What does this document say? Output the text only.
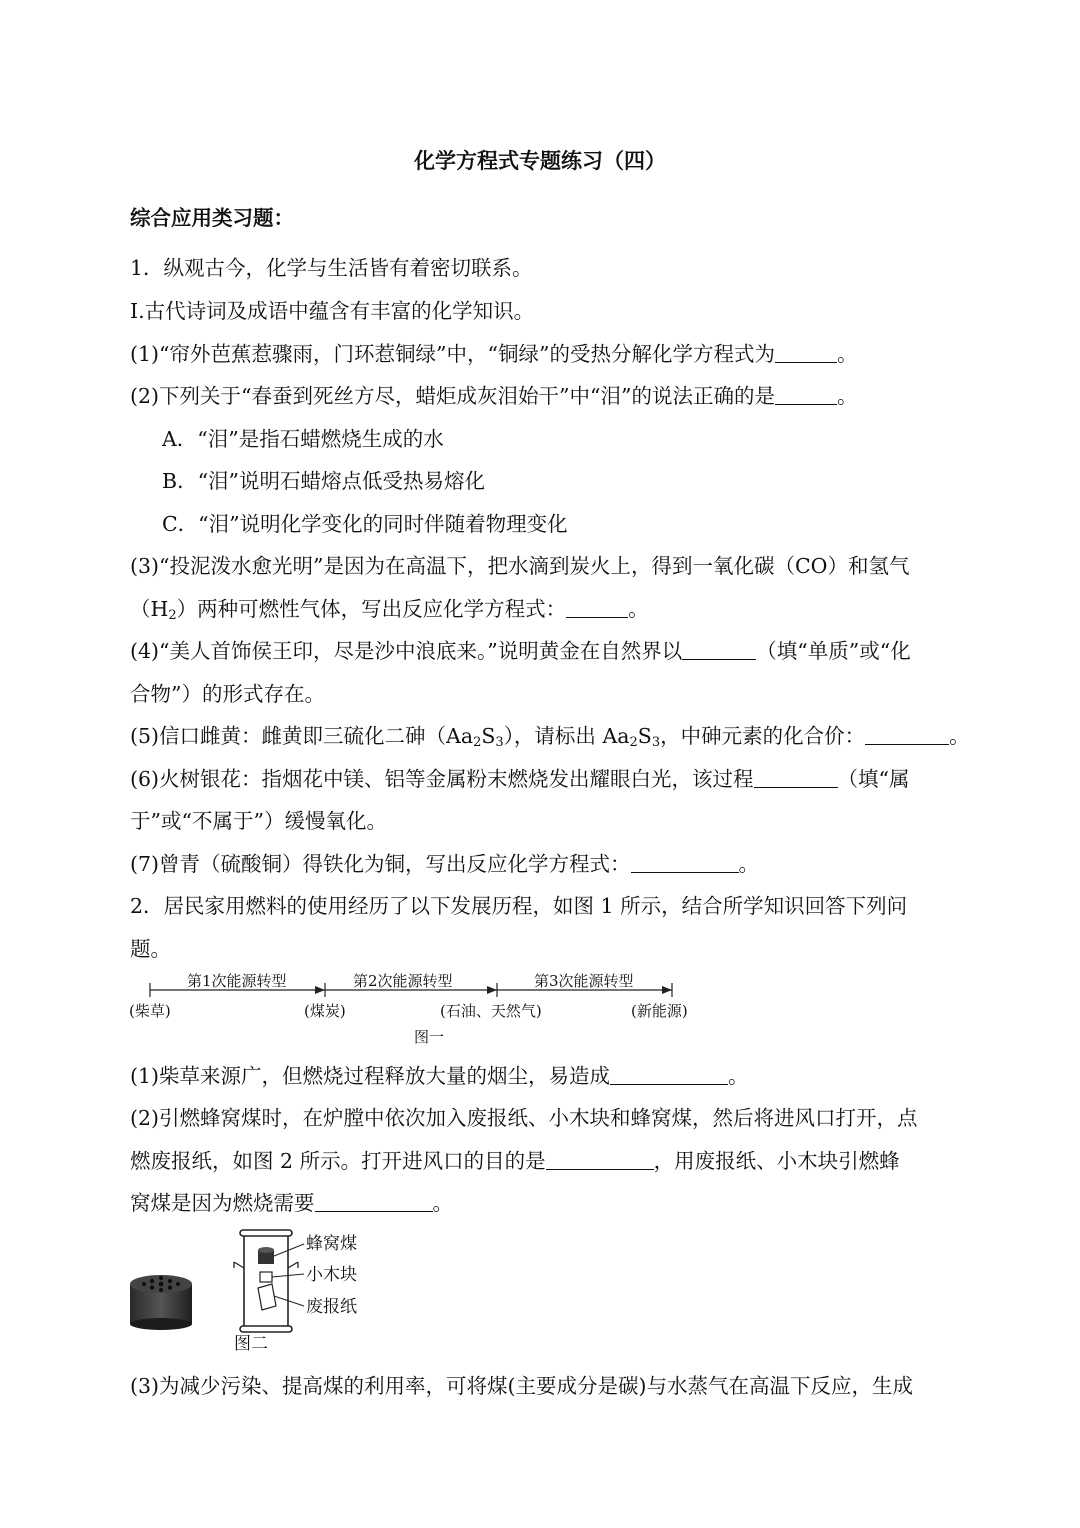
化学方程式专题练习（四）
综合应用类习题：
1．纵观古今，化学与生活皆有着密切联系。
I.古代诗词及成语中蕴含有丰富的化学知识。
(1)“帘外芭蕉惹骤雨，门环惹铜绿”中，“铜绿”的受热分解化学方程式为	。
(2)下列关于“春蚕到死丝方尽，蜡炬成灰泪始干”中“泪”的说法正确的是	。
A．“泪”是指石蜡燃烧生成的水
B．“泪”说明石蜡熔点低受热易熔化
C．“泪”说明化学变化的同时伴随着物理变化
(3)“投泥泼水愈光明”是因为在高温下，把水滴到炭火上，得到一氧化碳（CO）和氢气
$(H_2)$两种可燃性气体，写出反应化学方程式：	。
(4)“美人首饰侯王印，尽是沙中浪底来。”说明黄金在自然界以	（填“单质”或“化
合物”）的形式存在。
(5)信口雌黄：雌黄即三硫化二砷$(Aa_2S_3)$，请标出 $Aa_2S_3$，中砷元素的化合价：	。
(6)火树银花：指烟花中镁、铝等金属粉末燃烧发出耀眼白光，该过程	（填“属
于”或“不属于”）缓慢氧化。
(7)曾青（硫酸铜）得铁化为铜，写出反应化学方程式：	。
2．居民家用燃料的使用经历了以下发展历程，如图 1 所示，结合所学知识回答下列问
题。
第1次能源转型	第2次能源转型	第3次能源转型
(柴草)	(煤炭)	(石油、天然气)	(新能源)
图一
(1)柴草来源广，但燃烧过程释放大量的烟尘，易造成	。
(2)引燃蜂窝煤时，在炉膛中依次加入废报纸、小木块和蜂窝煤，然后将进风口打开，点
燃废报纸，如图 2 所示。打开进风口的目的是	，用废报纸、小木块引燃蜂
窝煤是因为燃烧需要	。
蜂窝煤
小木块
废报纸
图二
(3)为减少污染、提高煤的利用率，可将煤(主要成分是碳)与水蒸气在高温下反应，生成
